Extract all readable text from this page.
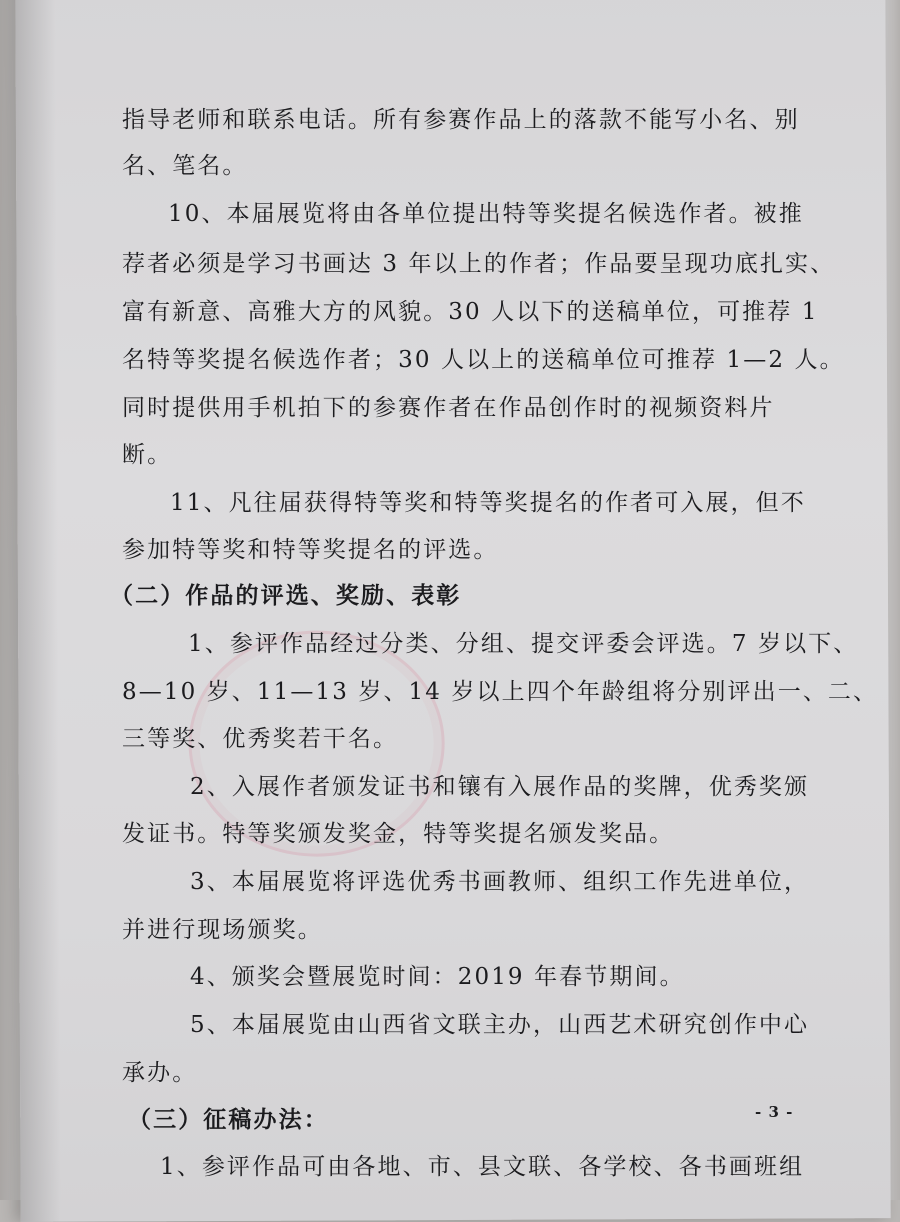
指导老师和联系电话。所有参赛作品上的落款不能写小名、别
名、笔名。
10、本届展览将由各单位提出特等奖提名候选作者。被推
荐者必须是学习书画达 3 年以上的作者；作品要呈现功底扎实、
富有新意、高雅大方的风貌。30 人以下的送稿单位，可推荐 1
名特等奖提名候选作者；30 人以上的送稿单位可推荐 1—2 人。
同时提供用手机拍下的参赛作者在作品创作时的视频资料片
断。
11、凡往届获得特等奖和特等奖提名的作者可入展，但不
参加特等奖和特等奖提名的评选。
（二）作品的评选、奖励、表彰
1、参评作品经过分类、分组、提交评委会评选。7 岁以下、
8—10 岁、11—13 岁、14 岁以上四个年龄组将分别评出一、二、
三等奖、优秀奖若干名。
2、入展作者颁发证书和镶有入展作品的奖牌，优秀奖颁
发证书。特等奖颁发奖金，特等奖提名颁发奖品。
3、本届展览将评选优秀书画教师、组织工作先进单位，
并进行现场颁奖。
4、颁奖会暨展览时间：2019 年春节期间。
5、本届展览由山西省文联主办，山西艺术研究创作中心
承办。
（三）征稿办法：
1、参评作品可由各地、市、县文联、各学校、各书画班组
- 3 -
